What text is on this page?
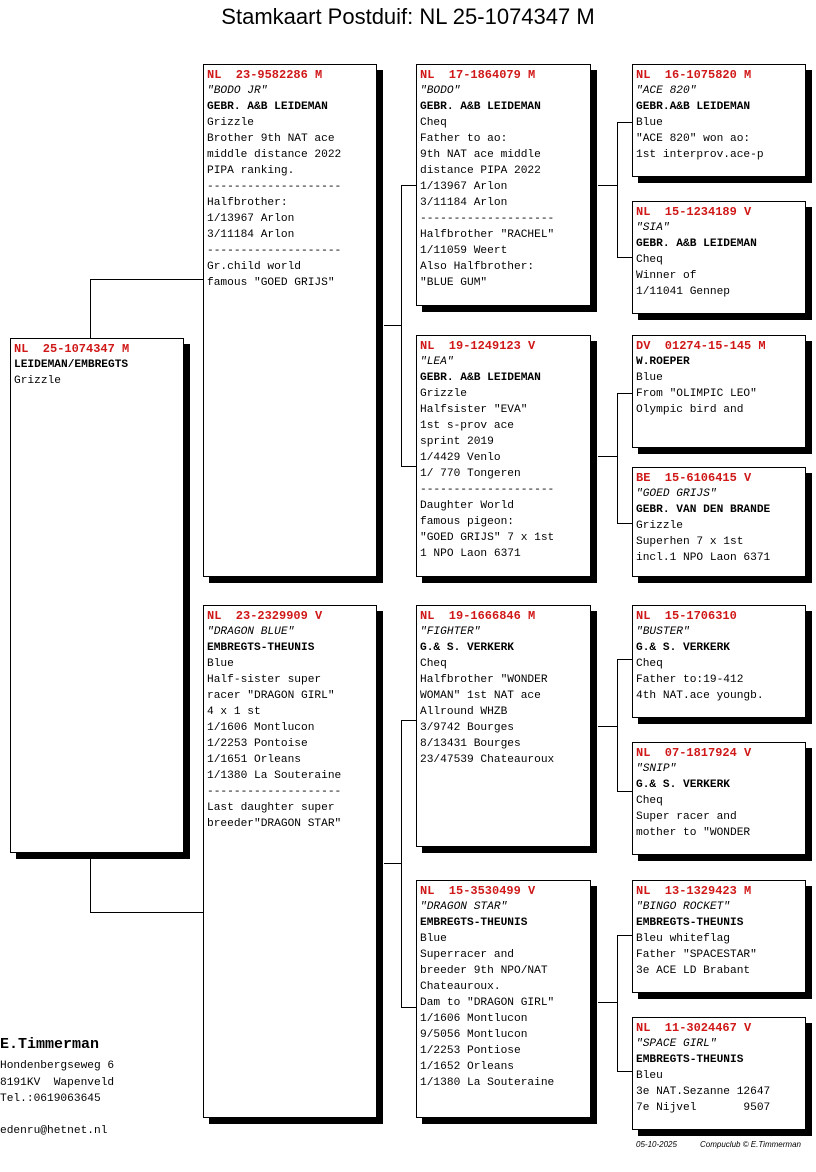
Stamkaart Postduif: NL 25-1074347 M
NL  25-1074347 M
LEIDEMAN/EMBREGTS
Grizzle
NL  23-9582286 M
"BODO JR"
GEBR. A&B LEIDEMAN
Grizzle
Brother 9th NAT ace
middle distance 2022
PIPA ranking.
--------------------
Halfbrother:
1/13967 Arlon
3/11184 Arlon
--------------------
Gr.child world
famous "GOED GRIJS"
NL  23-2329909 V
"DRAGON BLUE"
EMBREGTS-THEUNIS
Blue
Half-sister super
racer "DRAGON GIRL"
4 x 1 st
1/1606 Montlucon
1/2253 Pontoise
1/1651 Orleans
1/1380 La Souteraine
--------------------
Last daughter super
breeder"DRAGON STAR"
NL  17-1864079 M
"BODO"
GEBR. A&B LEIDEMAN
Cheq
Father to ao:
9th NAT ace middle
distance PIPA 2022
1/13967 Arlon
3/11184 Arlon
--------------------
Halfbrother "RACHEL"
1/11059 Weert
Also Halfbrother:
"BLUE GUM"
NL  19-1249123 V
"LEA"
GEBR. A&B LEIDEMAN
Grizzle
Halfsister "EVA"
1st s-prov ace
sprint 2019
1/4429 Venlo
1/ 770 Tongeren
--------------------
Daughter World
famous pigeon:
"GOED GRIJS" 7 x 1st
1 NPO Laon 6371
NL  19-1666846 M
"FIGHTER"
G.& S. VERKERK
Cheq
Halfbrother "WONDER
WOMAN" 1st NAT ace
Allround WHZB
3/9742 Bourges
8/13431 Bourges
23/47539 Chateauroux
NL  15-3530499 V
"DRAGON STAR"
EMBREGTS-THEUNIS
Blue
Superracer and
breeder 9th NPO/NAT
Chateauroux.
Dam to "DRAGON GIRL"
1/1606 Montlucon
9/5056 Montlucon
1/2253 Pontiose
1/1652 Orleans
1/1380 La Souteraine
NL  16-1075820 M
"ACE 820"
GEBR.A&B LEIDEMAN
Blue
"ACE 820" won ao:
1st interprov.ace-p
NL  15-1234189 V
"SIA"
GEBR. A&B LEIDEMAN
Cheq
Winner of
1/11041 Gennep
DV  01274-15-145 M
W.ROEPER
Blue
From "OLIMPIC LEO"
Olympic bird and
BE  15-6106415 V
"GOED GRIJS"
GEBR. VAN DEN BRANDE
Grizzle
Superhen 7 x 1st
incl.1 NPO Laon 6371
NL  15-1706310
"BUSTER"
G.& S. VERKERK
Cheq
Father to:19-412
4th NAT.ace youngb.
NL  07-1817924 V
"SNIP"
G.& S. VERKERK
Cheq
Super racer and
mother to "WONDER
NL  13-1329423 M
"BINGO ROCKET"
EMBREGTS-THEUNIS
Bleu whiteflag
Father "SPACESTAR"
3e ACE LD Brabant
NL  11-3024467 V
"SPACE GIRL"
EMBREGTS-THEUNIS
Bleu
3e NAT.Sezanne 12647
7e Nijvel       9507
E.Timmerman
Hondenbergseweg 6
8191KV  Wapenveld
Tel.:0619063645
edenru@hetnet.nl
05-10-2025	Compuclub © E.Timmerman
